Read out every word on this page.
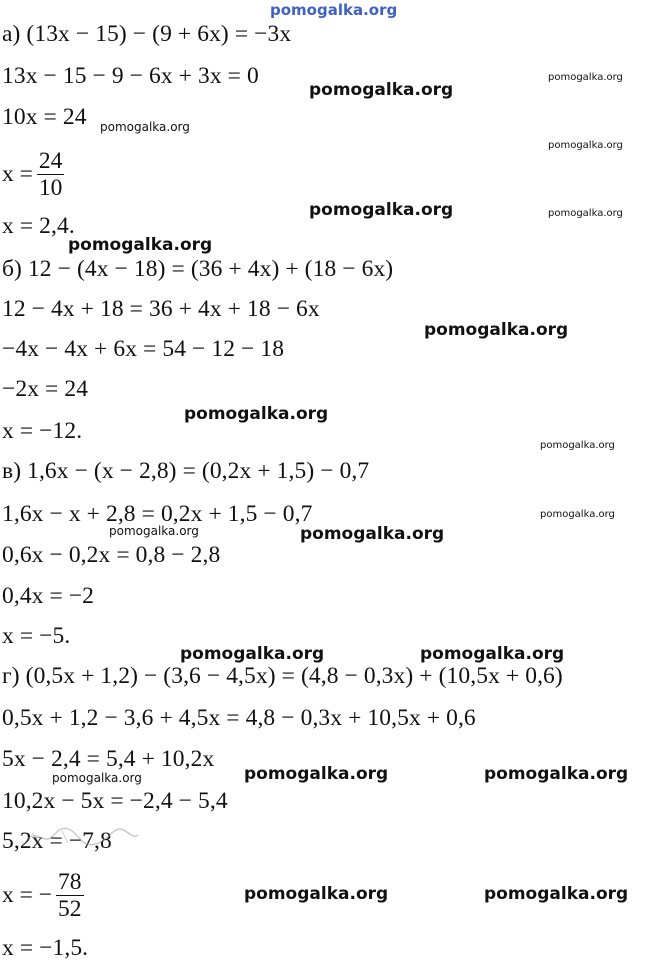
pomogalka.org
а) (13x − 15) − (9 + 6x) = −3x
13x − 15 − 9 − 6x + 3x = 0
10x = 24
$x = \frac{24}{10}$
x = 2,4.
б) 12 − (4x − 18) = (36 + 4x) + (18 − 6x)
12 − 4x + 18 = 36 + 4x + 18 − 6x
−4x − 4x + 6x = 54 − 12 − 18
−2x = 24
x = −12.
в) 1,6x − (x − 2,8) = (0,2x + 1,5) − 0,7
1,6x − x + 2,8 = 0,2x + 1,5 − 0,7
0,6x − 0,2x = 0,8 − 2,8
0,4x = −2
x = −5.
г) (0,5x + 1,2) − (3,6 − 4,5x) = (4,8 − 0,3x) + (10,5x + 0,6)
0,5x + 1,2 − 3,6 + 4,5x = 4,8 − 0,3x + 10,5x + 0,6
5x − 2,4 = 5,4 + 10,2x
10,2x − 5x = −2,4 − 5,4
5,2x = −7,8
x = − $\frac{78}{52}$
x = −1,5.
pomogalka.org
pomogalka.org
pomogalka.org
pomogalka.org
pomogalka.org	pomogalka.org
pomogalka.org
pomogalka.org
pomogalka.org
pomogalka.org
pomogalka.org
pomogalka.org	pomogalka.org
pomogalka.org	pomogalka.org
pomogalka.org	pomogalka.org	pomogalka.org
pomogalka.org	pomogalka.org
